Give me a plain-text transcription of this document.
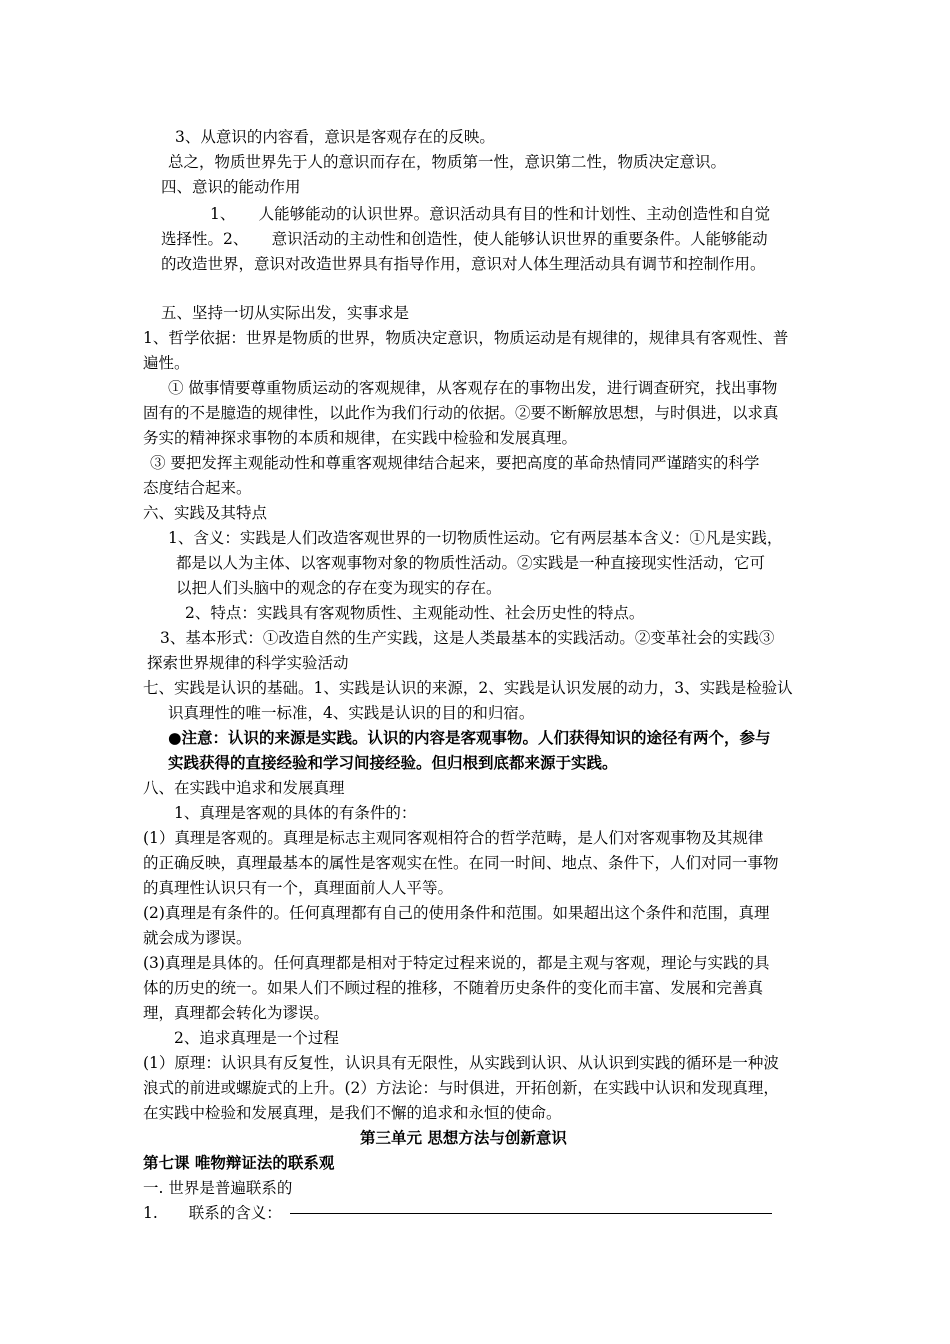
3、从意识的内容看，意识是客观存在的反映。
总之，物质世界先于人的意识而存在，物质第一性，意识第二性，物质决定意识。
四、意识的能动作用
1、　　人能够能动的认识世界。意识活动具有目的性和计划性、主动创造性和自觉
选择性。2、　　意识活动的主动性和创造性，使人能够认识世界的重要条件。人能够能动
的改造世界，意识对改造世界具有指导作用，意识对人体生理活动具有调节和控制作用。
五、坚持一切从实际出发，实事求是
1、哲学依据：世界是物质的世界，物质决定意识，物质运动是有规律的，规律具有客观性、普
遍性。
① 做事情要尊重物质运动的客观规律，从客观存在的事物出发，进行调查研究，找出事物
固有的不是臆造的规律性，以此作为我们行动的依据。②要不断解放思想，与时俱进，以求真
务实的精神探求事物的本质和规律，在实践中检验和发展真理。
③ 要把发挥主观能动性和尊重客观规律结合起来，要把高度的革命热情同严谨踏实的科学
态度结合起来。
六、实践及其特点
1、含义：实践是人们改造客观世界的一切物质性运动。它有两层基本含义：①凡是实践，
都是以人为主体、以客观事物对象的物质性活动。②实践是一种直接现实性活动，它可
以把人们头脑中的观念的存在变为现实的存在。
2、特点：实践具有客观物质性、主观能动性、社会历史性的特点。
3、基本形式：①改造自然的生产实践，这是人类最基本的实践活动。②变革社会的实践③
探索世界规律的科学实验活动
七、实践是认识的基础。1、实践是认识的来源，2、实践是认识发展的动力，3、实践是检验认
识真理性的唯一标准，4、实践是认识的目的和归宿。
●注意：认识的来源是实践。认识的内容是客观事物。人们获得知识的途径有两个，参与
实践获得的直接经验和学习间接经验。但归根到底都来源于实践。
八、在实践中追求和发展真理
1、真理是客观的具体的有条件的：
(1）真理是客观的。真理是标志主观同客观相符合的哲学范畴，是人们对客观事物及其规律
的正确反映，真理最基本的属性是客观实在性。在同一时间、地点、条件下，人们对同一事物
的真理性认识只有一个，真理面前人人平等。
(2)真理是有条件的。任何真理都有自己的使用条件和范围。如果超出这个条件和范围，真理
就会成为谬误。
(3)真理是具体的。任何真理都是相对于特定过程来说的，都是主观与客观，理论与实践的具
体的历史的统一。如果人们不顾过程的推移，不随着历史条件的变化而丰富、发展和完善真
理，真理都会转化为谬误。
2、追求真理是一个过程
(1）原理：认识具有反复性，认识具有无限性，从实践到认识、从认识到实践的循环是一种波
浪式的前进或螺旋式的上升。(2）方法论：与时俱进，开拓创新，在实践中认识和发现真理，
在实践中检验和发展真理，是我们不懈的追求和永恒的使命。
第三单元 思想方法与创新意识
第七课 唯物辩证法的联系观
一. 世界是普遍联系的
1.　　联系的含义：
